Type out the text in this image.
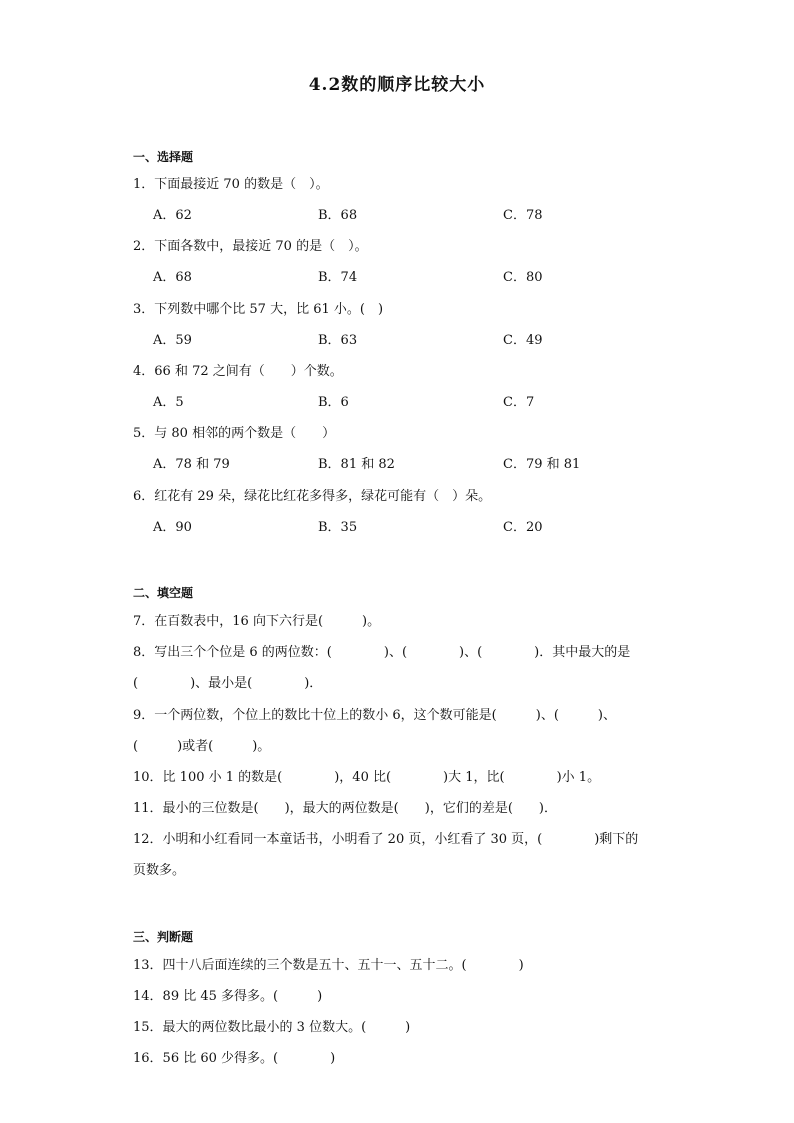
4.2数的顺序比较大小
一、选择题
1．下面最接近 70 的数是（　）。
A．62	B．68	C．78
2．下面各数中，最接近 70 的是（　）。
A．68	B．74	C．80
3．下列数中哪个比 57 大，比 61 小。(　)
A．59	B．63	C．49
4．66 和 72 之间有（　　）个数。
A．5	B．6	C．7
5．与 80 相邻的两个数是（　　）
A．78 和 79	B．81 和 82	C．79 和 81
6．红花有 29 朵，绿花比红花多得多，绿花可能有（　）朵。
A．90	B．35	C．20
二、填空题
7．在百数表中，16 向下六行是(　　　)。
8．写出三个个位是 6 的两位数：(　　　　)、(　　　　)、(　　　　)．其中最大的是
(　　　　)、最小是(　　　　)．
9．一个两位数，个位上的数比十位上的数小 6，这个数可能是(　　　)、(　　　)、
(　　　)或者(　　　)。
10．比 100 小 1 的数是(　　　　)，40 比(　　　　)大 1，比(　　　　)小 1。
11．最小的三位数是(　　)，最大的两位数是(　　)，它们的差是(　　)．
12．小明和小红看同一本童话书，小明看了 20 页，小红看了 30 页，(　　　　)剩下的
页数多。
三、判断题
13．四十八后面连续的三个数是五十、五十一、五十二。(　　　　)
14．89 比 45 多得多。(　　　)
15．最大的两位数比最小的 3 位数大。(　　　)
16．56 比 60 少得多。(　　　　)
